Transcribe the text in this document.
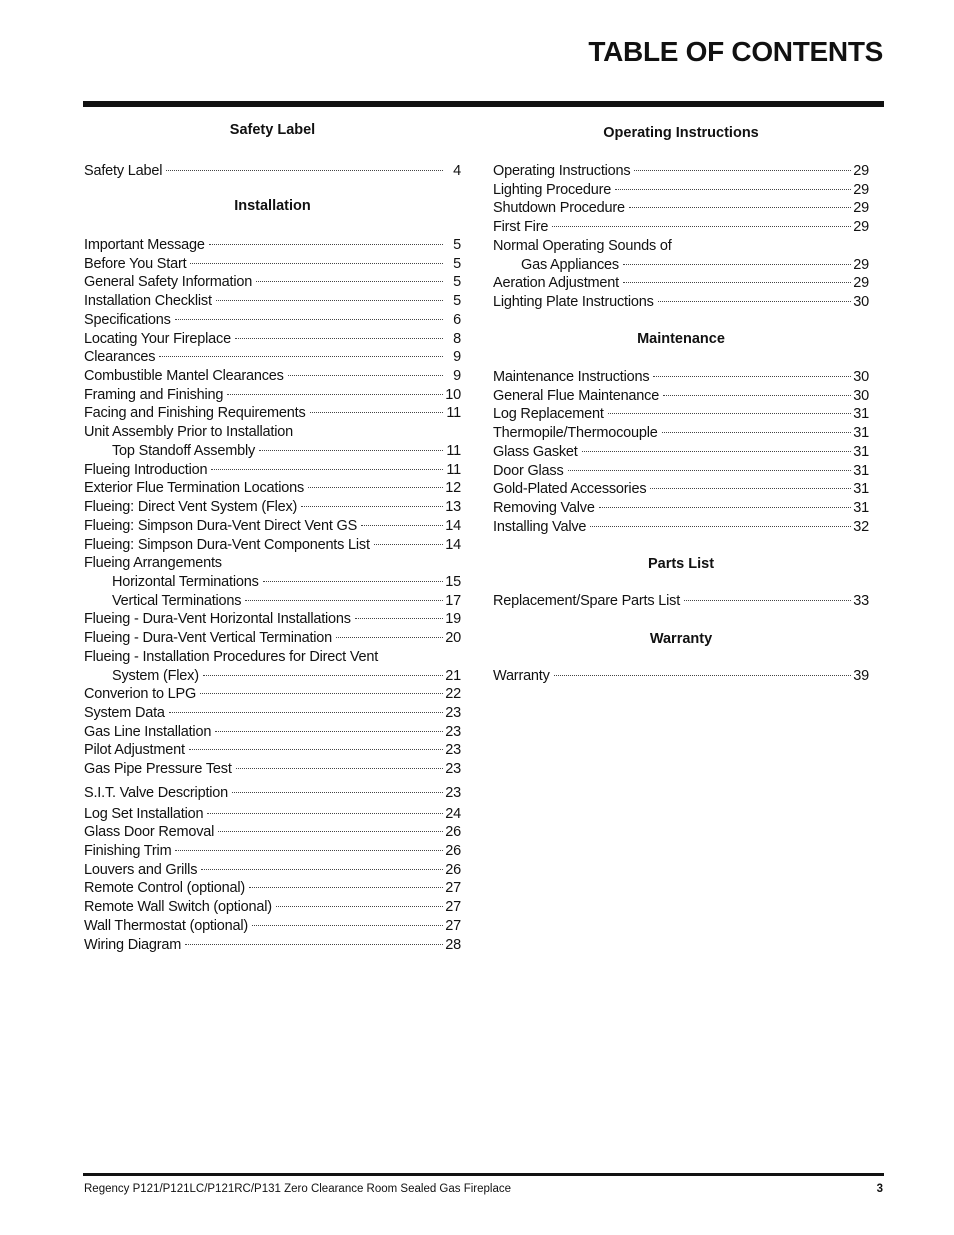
TABLE OF CONTENTS
Safety Label
Safety Label	4
Installation
Important Message	5
Before You Start	5
General Safety Information	5
Installation Checklist	5
Specifications	6
Locating Your Fireplace	8
Clearances	9
Combustible Mantel Clearances	9
Framing and Finishing	10
Facing and Finishing Requirements	11
Unit Assembly Prior to Installation
Top Standoff Assembly	11
Flueing Introduction	11
Exterior Flue Termination Locations	12
Flueing: Direct Vent System (Flex)	13
Flueing: Simpson Dura-Vent Direct Vent GS	14
Flueing: Simpson Dura-Vent Components List	14
Flueing Arrangements
Horizontal Terminations	15
Vertical Terminations	17
Flueing - Dura-Vent Horizontal Installations	19
Flueing - Dura-Vent Vertical Termination	20
Flueing - Installation Procedures for Direct Vent
System (Flex)	21
Converion to LPG	22
System Data	23
Gas Line Installation	23
Pilot Adjustment	23
Gas Pipe Pressure Test	23
S.I.T. Valve Description	23
Log Set Installation	24
Glass Door Removal	26
Finishing Trim	26
Louvers and Grills	26
Remote Control (optional)	27
Remote Wall Switch (optional)	27
Wall Thermostat (optional)	27
Wiring Diagram	28
Operating Instructions
Operating Instructions	29
Lighting Procedure	29
Shutdown Procedure	29
First Fire	29
Normal Operating Sounds of
Gas Appliances	29
Aeration Adjustment	29
Lighting Plate Instructions	30
Maintenance
Maintenance Instructions	30
General Flue Maintenance	30
Log Replacement	31
Thermopile/Thermocouple	31
Glass Gasket	31
Door Glass	31
Gold-Plated Accessories	31
Removing Valve	31
Installing Valve	32
Parts List
Replacement/Spare Parts List	33
Warranty
Warranty	39
Regency P121/P121LC/P121RC/P131 Zero Clearance Room Sealed Gas Fireplace	3
